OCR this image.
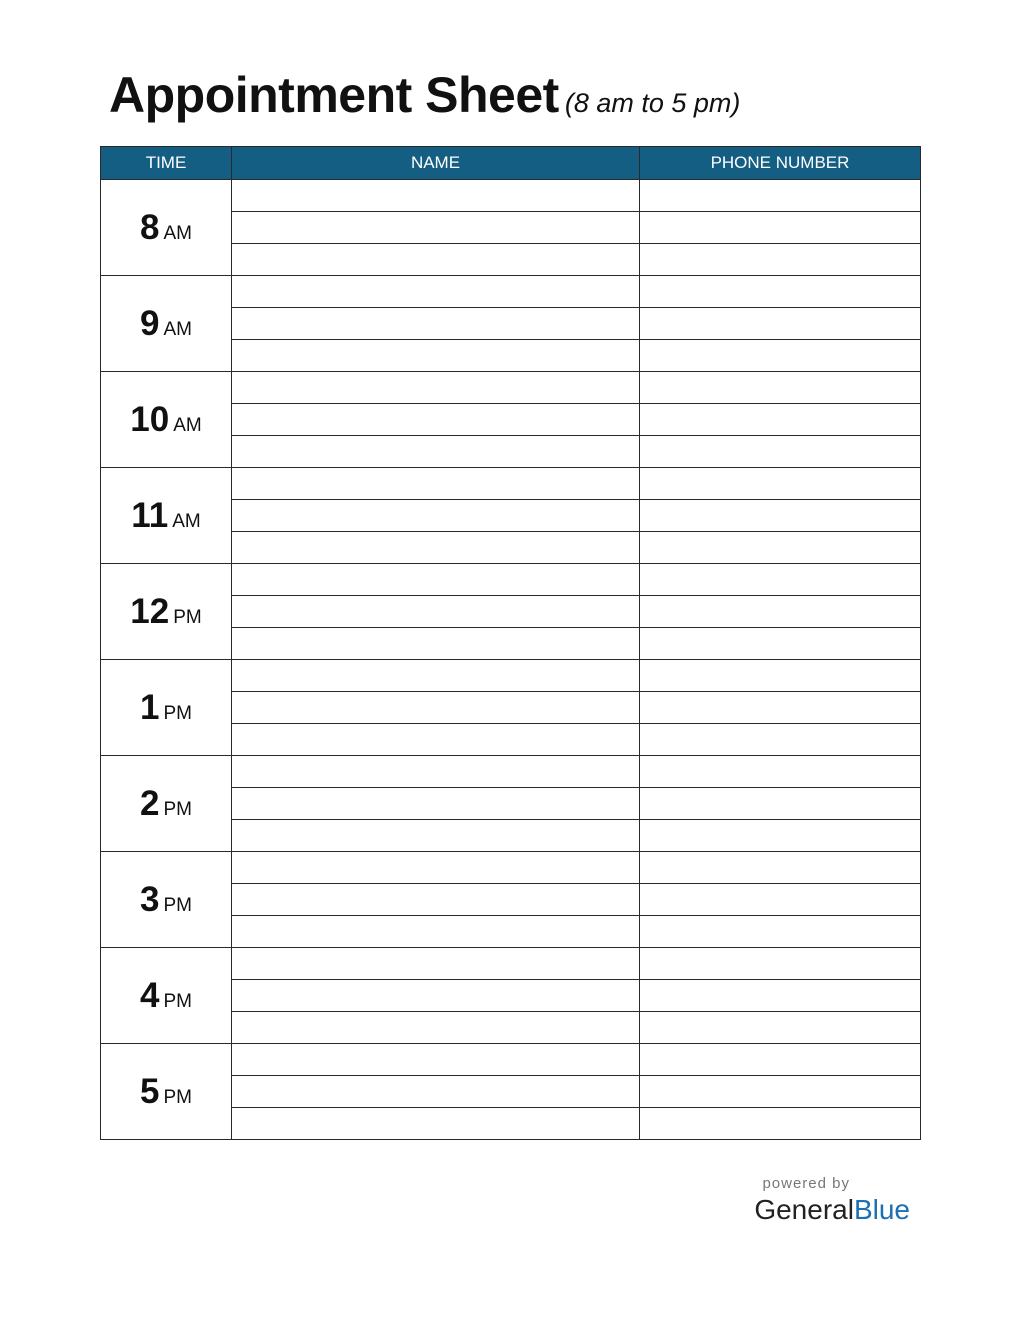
Appointment Sheet (8 am to 5 pm)
TIME	NAME	PHONE NUMBER
8 AM		

9 AM		

10 AM		

11 AM		

12 PM		

1 PM		

2 PM		

3 PM		

4 PM		

5 PM		

powered by
GeneralBlue
